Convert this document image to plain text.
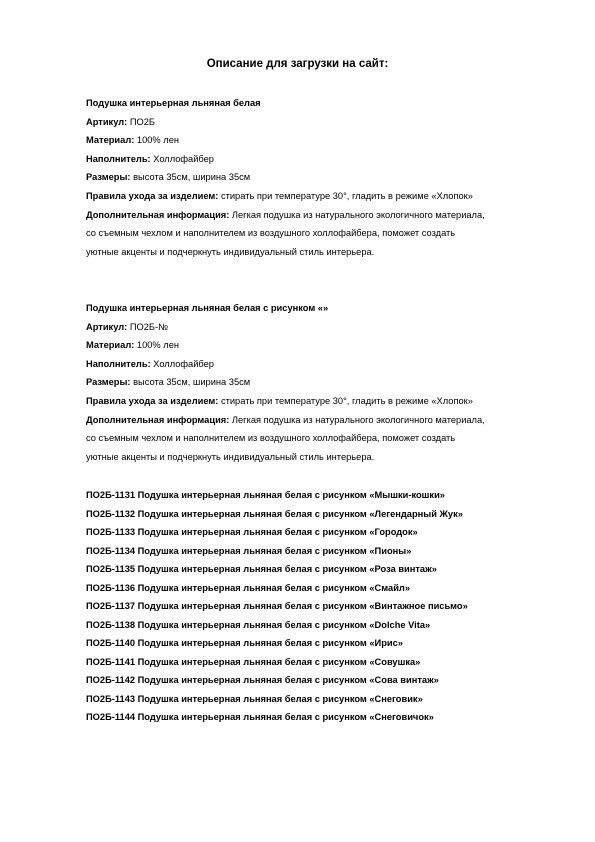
Описание для загрузки на сайт:
Подушка интерьерная льняная белая
Артикул: ПО2Б
Материал: 100% лен
Наполнитель: Холлофайбер
Размеры: высота 35см, ширина 35см
Правила ухода за изделием: стирать при температуре 30°, гладить в режиме «Хлопок»
Дополнительная информация: Легкая подушка из натурального экологичного материала,
со съемным чехлом и наполнителем из воздушного холлофайбера, поможет создать
уютные акценты и подчеркнуть индивидуальный стиль интерьера.
Подушка интерьерная льняная белая с рисунком «»
Артикул: ПО2Б-№
Материал: 100% лен
Наполнитель: Холлофайбер
Размеры: высота 35см, ширина 35см
Правила ухода за изделием: стирать при температуре 30°, гладить в режиме «Хлопок»
Дополнительная информация: Легкая подушка из натурального экологичного материала,
со съемным чехлом и наполнителем из воздушного холлофайбера, поможет создать
уютные акценты и подчеркнуть индивидуальный стиль интерьера.
ПО2Б-1131 Подушка интерьерная льняная белая с рисунком «Мышки-кошки»
ПО2Б-1132 Подушка интерьерная льняная белая с рисунком «Легендарный Жук»
ПО2Б-1133 Подушка интерьерная льняная белая с рисунком «Городок»
ПО2Б-1134 Подушка интерьерная льняная белая с рисунком «Пионы»
ПО2Б-1135 Подушка интерьерная льняная белая с рисунком «Роза винтаж»
ПО2Б-1136 Подушка интерьерная льняная белая с рисунком «Смайл»
ПО2Б-1137 Подушка интерьерная льняная белая с рисунком «Винтажное письмо»
ПО2Б-1138 Подушка интерьерная льняная белая с рисунком «Dolche Vita»
ПО2Б-1140 Подушка интерьерная льняная белая с рисунком «Ирис»
ПО2Б-1141 Подушка интерьерная льняная белая с рисунком «Совушка»
ПО2Б-1142 Подушка интерьерная льняная белая с рисунком «Сова винтаж»
ПО2Б-1143 Подушка интерьерная льняная белая с рисунком «Снеговик»
ПО2Б-1144 Подушка интерьерная льняная белая с рисунком «Снеговичок»
